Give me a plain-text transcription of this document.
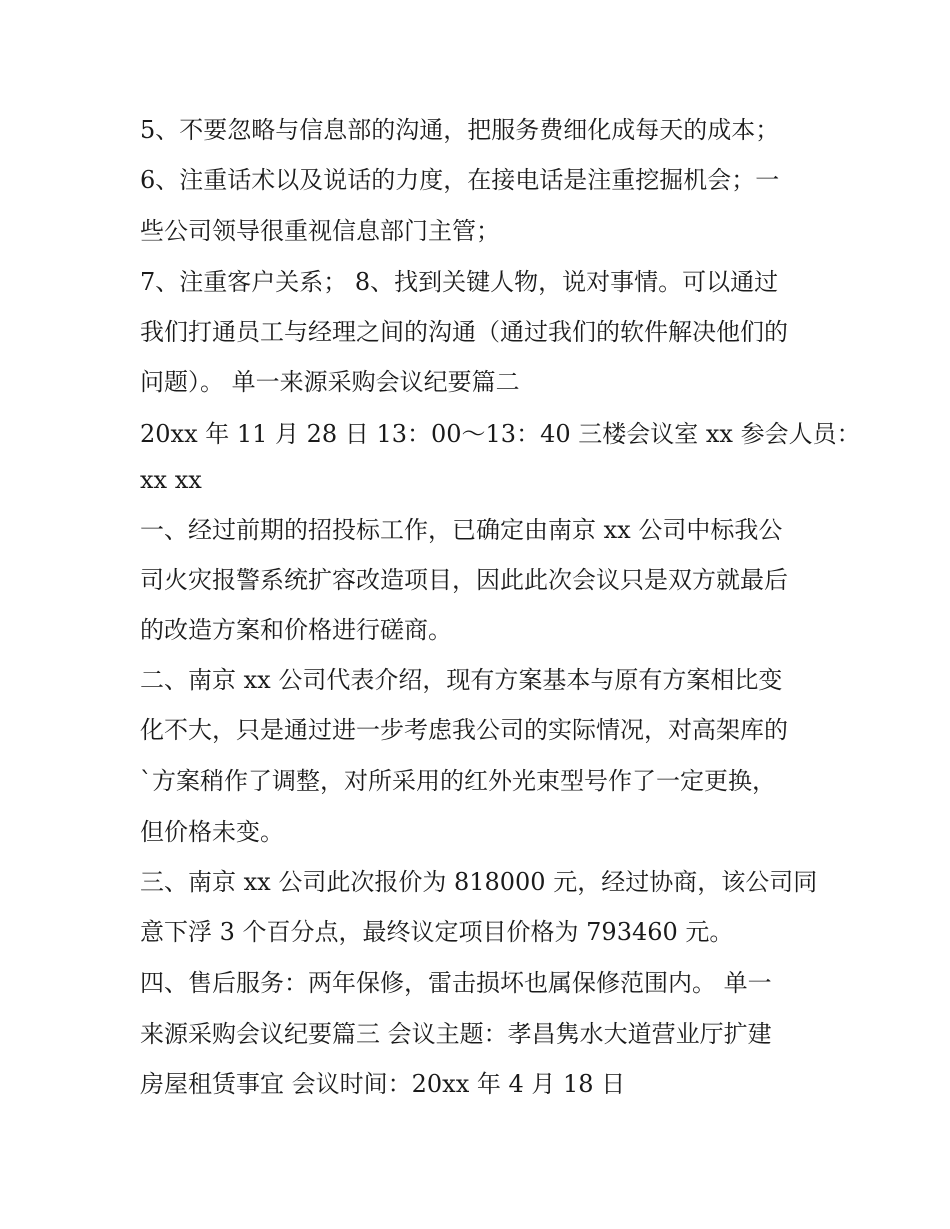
5、不要忽略与信息部的沟通，把服务费细化成每天的成本；
6、注重话术以及说话的力度，在接电话是注重挖掘机会；一
些公司领导很重视信息部门主管；
7、注重客户关系； 8、找到关键人物，说对事情。可以通过
我们打通员工与经理之间的沟通（通过我们的软件解决他们的
问题）。 单一来源采购会议纪要篇二
20xx 年 11 月 28 日 13：00～13：40 三楼会议室 xx 参会人员：
xx xx
一、经过前期的招投标工作，已确定由南京 xx 公司中标我公
司火灾报警系统扩容改造项目，因此此次会议只是双方就最后
的改造方案和价格进行磋商。
二、南京 xx 公司代表介绍，现有方案基本与原有方案相比变
化不大，只是通过进一步考虑我公司的实际情况，对高架库的
`方案稍作了调整，对所采用的红外光束型号作了一定更换，
但价格未变。
三、南京 xx 公司此次报价为 818000 元，经过协商，该公司同
意下浮 3 个百分点，最终议定项目价格为 793460 元。
四、售后服务：两年保修，雷击损坏也属保修范围内。 单一
来源采购会议纪要篇三 会议主题：孝昌隽水大道营业厅扩建
房屋租赁事宜 会议时间：20xx 年 4 月 18 日
